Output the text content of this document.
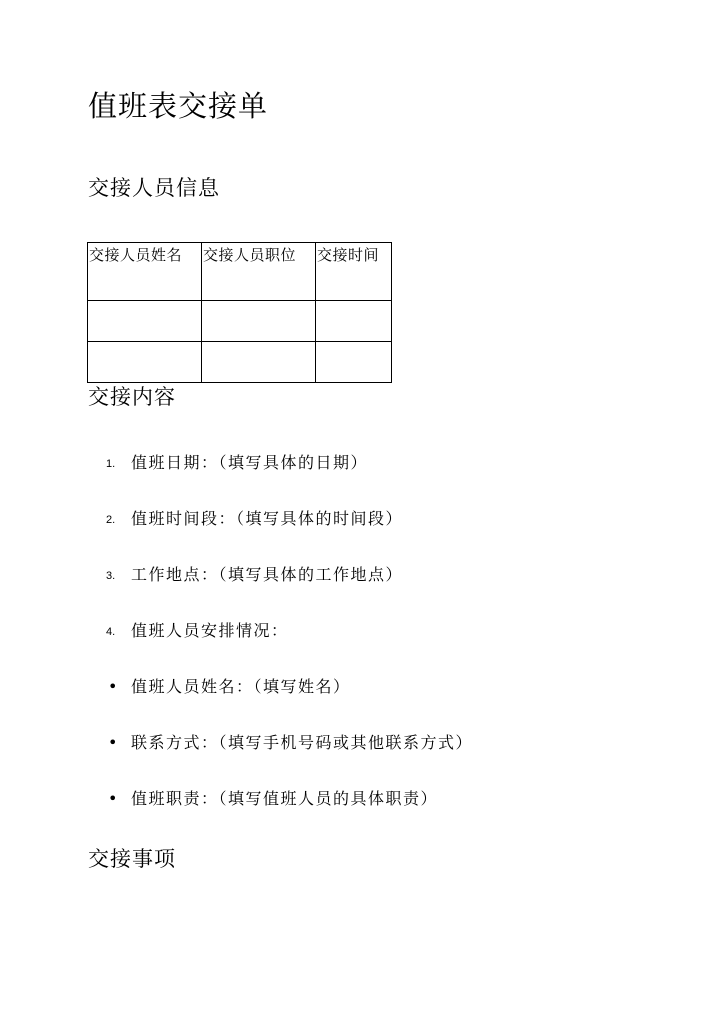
值班表交接单
交接人员信息
交接人员姓名	交接人员职位	交接时间

交接内容
1. 值班日期：（填写具体的日期）
2. 值班时间段：（填写具体的时间段）
3. 工作地点：（填写具体的工作地点）
4. 值班人员安排情况：
• 值班人员姓名：（填写姓名）
• 联系方式：（填写手机号码或其他联系方式）
• 值班职责：（填写值班人员的具体职责）
交接事项
